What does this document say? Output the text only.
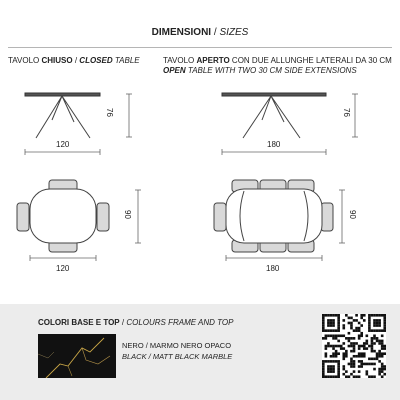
DIMENSIONI / SIZES
TAVOLO CHIUSO / CLOSED TABLE	TAVOLO APERTO CON DUE ALLUNGHE LATERALI DA 30 CM
OPEN TABLE WITH TWO 30 CM SIDE EXTENSIONS
120
76
180
76
120
90
180
90
COLORI BASE E TOP / COLOURS FRAME AND TOP
NERO / MARMO NERO OPACO
BLACK / MATT BLACK MARBLE
